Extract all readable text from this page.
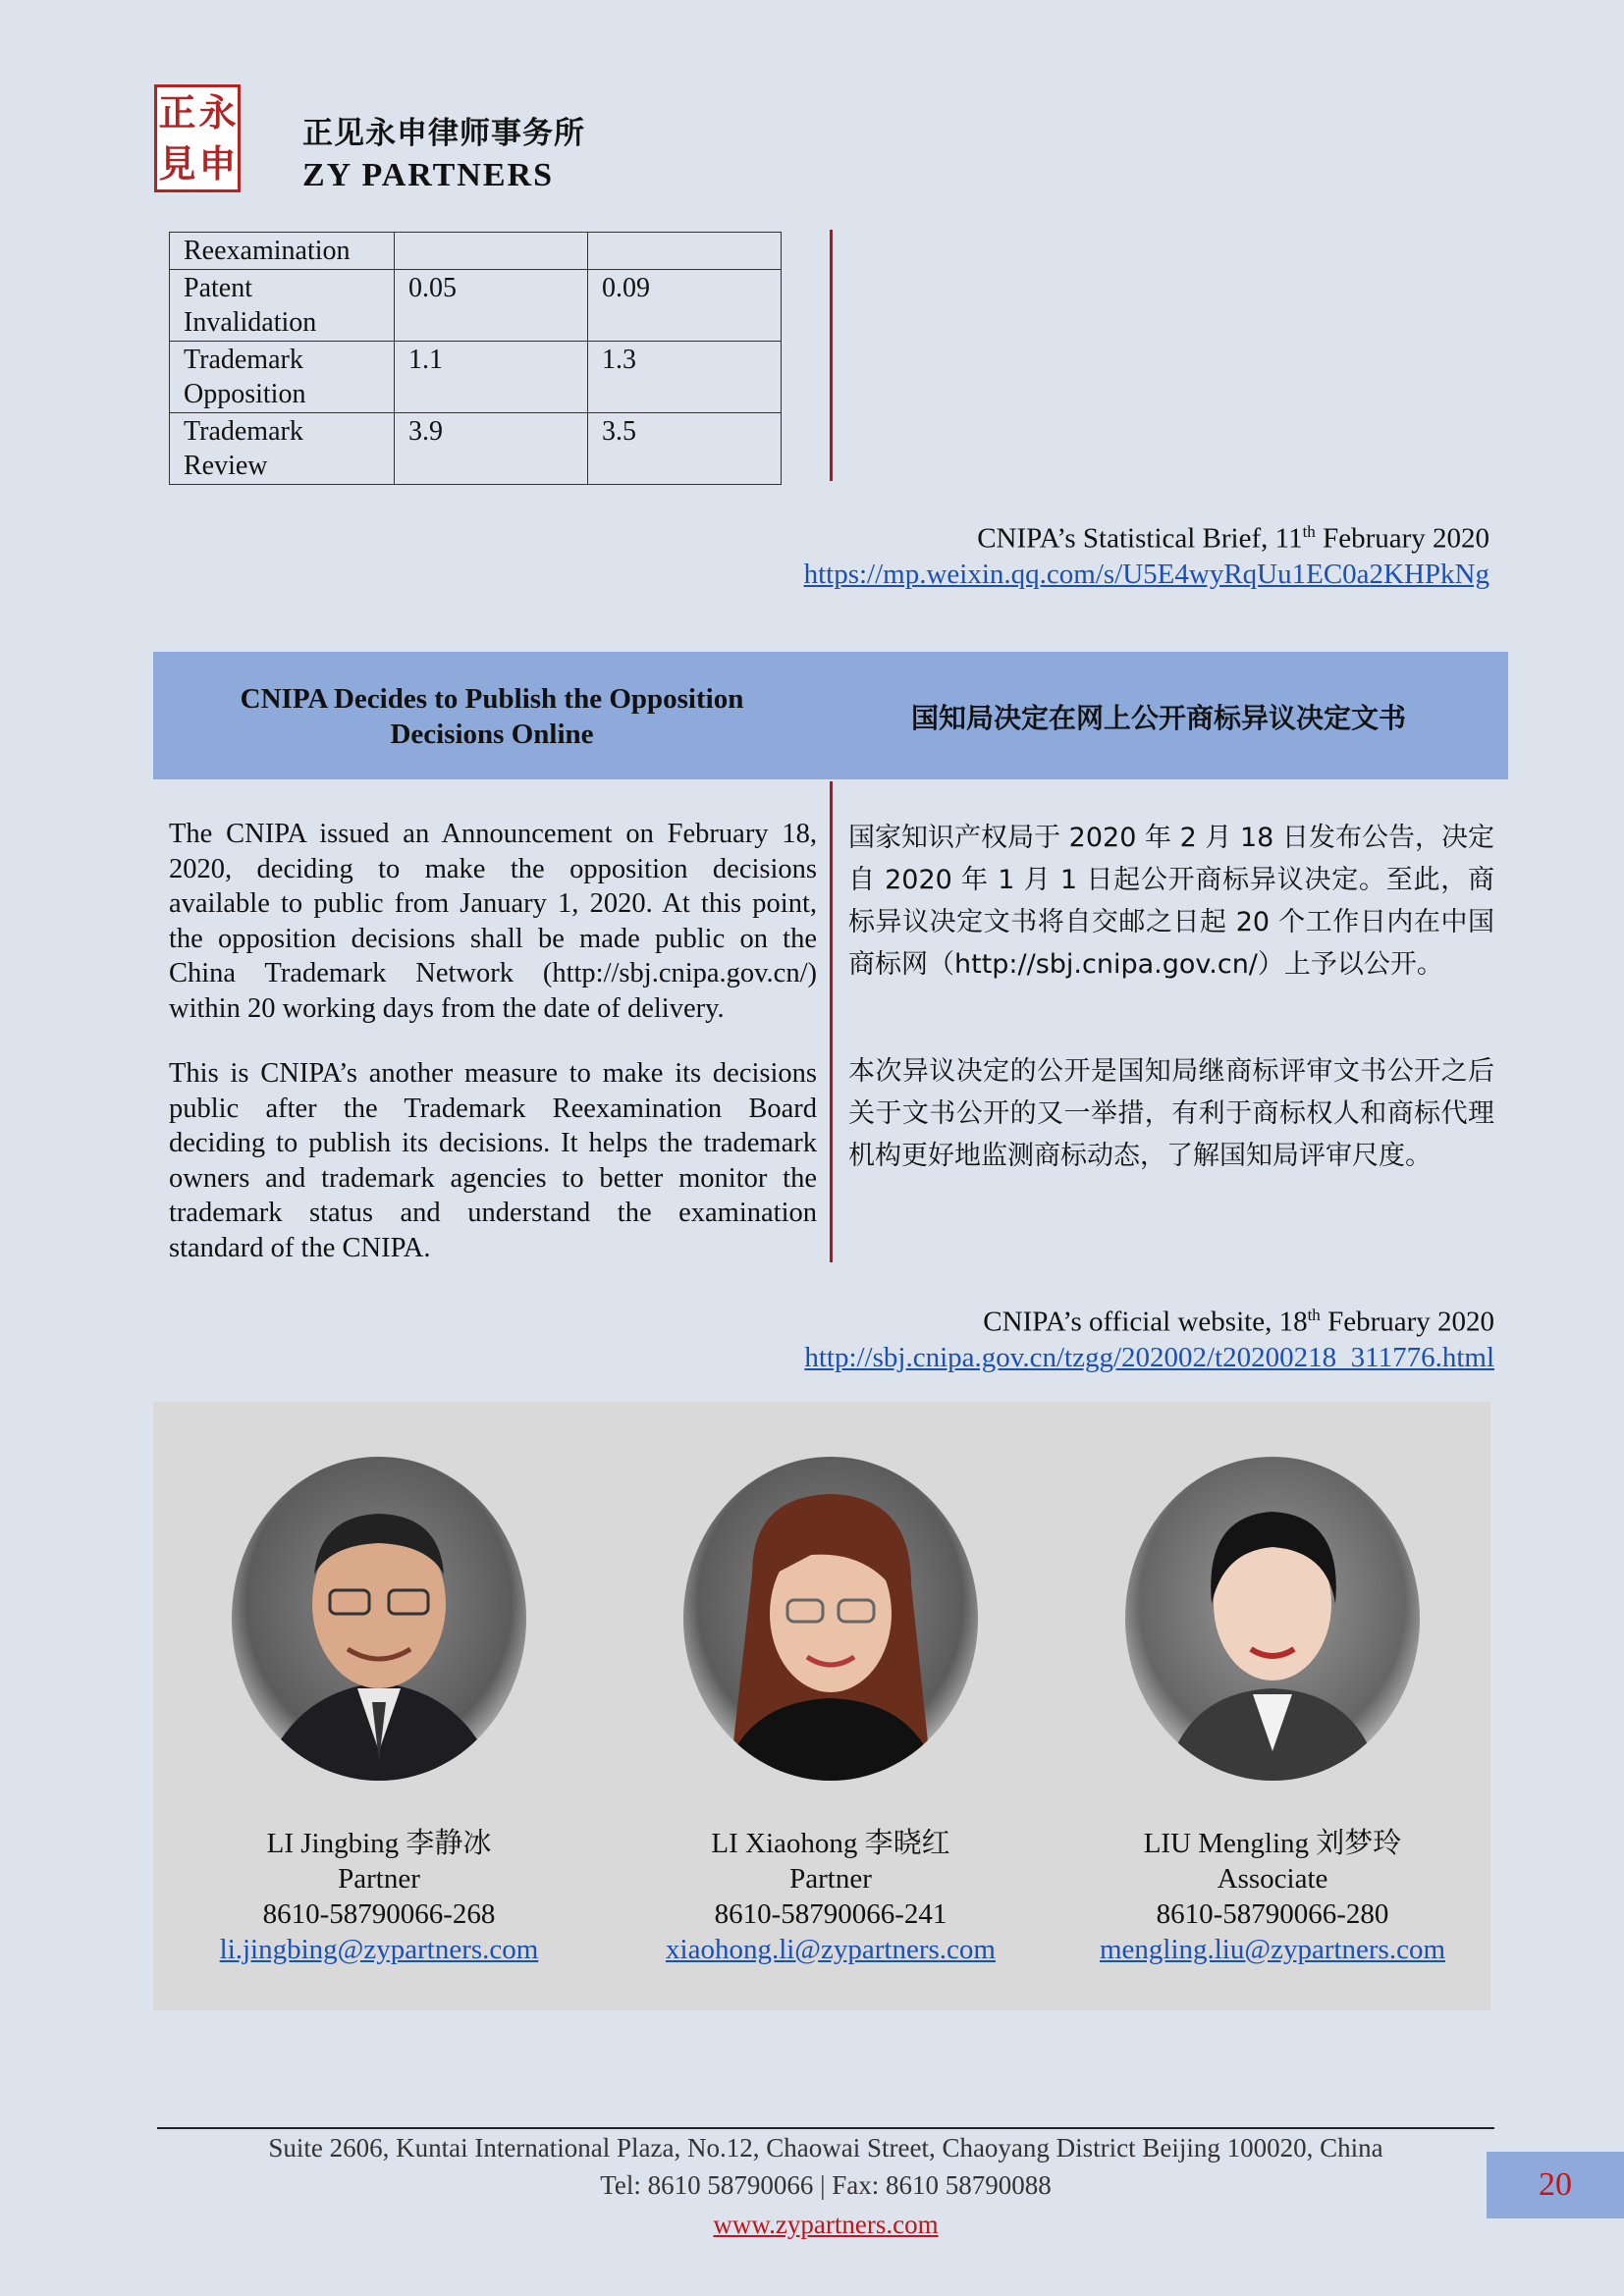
正 永
見 申
正见永申律师事务所
ZY PARTNERS
Reexamination		
Patent Invalidation	0.05	0.09
Trademark Opposition	1.1	1.3
Trademark Review	3.9	3.5
CNIPA’s Statistical Brief, 11th February 2020
https://mp.weixin.qq.com/s/U5E4wyRqUu1EC0a2KHPkNg
CNIPA Decides to Publish the Opposition Decisions Online	国知局决定在网上公开商标异议决定文书
The CNIPA issued an Announcement on February 18, 2020, deciding to make the opposition decisions available to public from January 1, 2020. At this point, the opposition decisions shall be made public on the China Trademark Network (http://sbj.cnipa.gov.cn/) within 20 working days from the date of delivery.
This is CNIPA’s another measure to make its decisions public after the Trademark Reexamination Board deciding to publish its decisions. It helps the trademark owners and trademark agencies to better monitor the trademark status and understand the examination standard of the CNIPA.
国家知识产权局于 2020 年 2 月 18 日发布公告，决定自 2020 年 1 月 1 日起公开商标异议决定。至此，商标异议决定文书将自交邮之日起 20 个工作日内在中国商标网（http://sbj.cnipa.gov.cn/）上予以公开。
本次异议决定的公开是国知局继商标评审文书公开之后关于文书公开的又一举措，有利于商标权人和商标代理机构更好地监测商标动态，了解国知局评审尺度。
CNIPA’s official website, 18th February 2020
http://sbj.cnipa.gov.cn/tzgg/202002/t20200218_311776.html
LI Jingbing 李静冰
Partner
8610-58790066-268
li.jingbing@zypartners.com
LI Xiaohong 李晓红
Partner
8610-58790066-241
xiaohong.li@zypartners.com
LIU Mengling 刘梦玲
Associate
8610-58790066-280
mengling.liu@zypartners.com
Suite 2606, Kuntai International Plaza, No.12, Chaowai Street, Chaoyang District Beijing 100020, China
Tel: 8610 58790066 | Fax: 8610 58790088
www.zypartners.com
20
